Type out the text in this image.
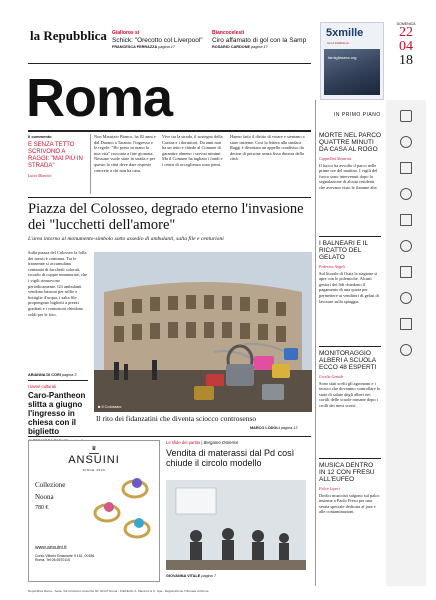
la Repubblica Gialloros si
Schick: "Orecotto col Liverpool"
FRANCESCA FERRAZZA pagina 17
Biancocelesti
Ciro affamato di gol con la Samp
ROSARIO CARDONE pagina 17
5xmille
ALLA FAMIGLIA
famigliasera.org
DOMENICA
22
04
18
Roma	IN PRIMO PIANO
Il commento
E SENZA TETTO SCRIVONO A RAGGI: "MAI PIÙ IN STRADA"
Lucio Mancini
Non Maurizio Bianco, ha 82 anni e dal Duomo a Taranto, l'ingresso e le regole: "Ho preso in mano la mia vita" racconta a fine giornata. Nessuno vuole stare in strada e per questo la città deve dare risposte concrete a chi non ha casa.
Vive tra la strada, il sostegno della Caritas e i dormitori. Da anni non ha un tetto e chiede al Comune di garantire almeno i servizi minimi. Ma il Comune ha tagliato i fondi e i centri di accoglienza sono pieni.
Hanno fatto il diritto di votare e stentano a stare insieme. Così la lettera alla sindaca Raggi è diventata un appello condiviso da decine di persone senza fissa dimora della città.
Piazza del Colosseo, degrado eterno l'invasione dei "lucchetti dell'amore"
L'area intorno al monumento-simbolo sotto assedio di ambulanti, salta file e centurioni
Sulla piazza del Colosseo la folla dei turisti è continua. Tra le transenne si accumulano centinaia di lucchetti colorati, ricordo di coppie innamorate, che i vigili rimuovono periodicamente. Gli ambulanti vendono bastoni per selfie e bottiglie d'acqua, i salta file propongono biglietti a prezzi gonfiati e i centurioni chiedono soldi per le foto.
ARIANNA DI CORI pagina 3
■ Il Colosseo
Il rito dei fidanzatini che diventa sciocco controsenso
MARCO LODOLI pagina 13
I lavori culturali
Caro-Pantheon slitta a giugno l'ingresso in chiesa con il biglietto
♛
ANSUINI
SINCE 1930
Collezione
Noona
780 €
www.ansuini.it
Corso Vittorio Emanuele II 151, 00186 Roma, Tel 06 6570115
Le sfide del partito | Bergamo Ostiense
Vendita di materassi dal Pd così chiude il circolo modello
GIOVANNA VITALE pagina 7
MORTE NEL PARCO QUATTRE MINUTI DA CASA AL ROGO
Cappellini Navarini
Il fuoco ha avvolto il parco nelle prime ore del mattino. I vigili del fuoco sono intervenuti dopo la segnalazione di alcuni residenti che avevano visto le fiamme alte.
I BALNEARI E IL RICATTO DEL GELATO
Federica Angeli
Sul litorale di Ostia la stagione si apre con le polemiche. Alcuni gestori dei lidi chiedono il pagamento di una quota per permettere ai venditori di gelati di lavorare sulla spiaggia.
MONITORAGGIO ALBERI A SCUOLA ECCO 48 ESPERTI
Cecilia Gentile
Sono stati scelti gli agronomi e i tecnici che dovranno controllare lo stato di salute degli alberi nei cortili delle scuole romane dopo i crolli dei mesi scorsi.
MUSICA DENTRO IN 12 CON FRESU ALL'EUFEO
Felice Liperi
Dodici musicisti salgono sul palco insieme a Paolo Fresu per una serata speciale dedicata al jazz e alle contaminazioni.
Repubblica Roma - Sede: Via Cristoforo Colombo 90, 00147 Roma - Pubblicità: A. Manzoni & C. Spa - Registrazione Tribunale di Roma
